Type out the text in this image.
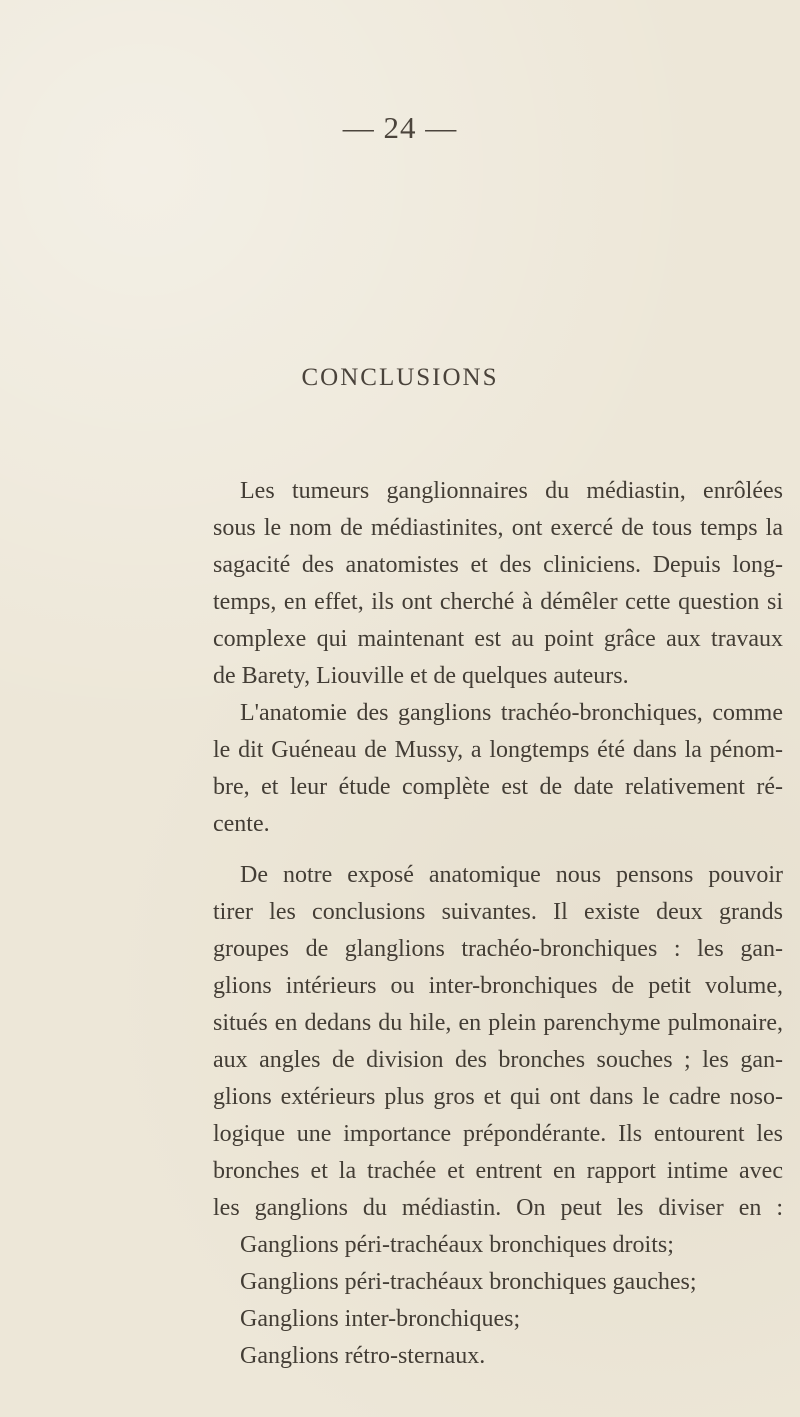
— 24 —
CONCLUSIONS
Les tumeurs ganglionnaires du médiastin, enrôlées
sous le nom de médiastinites, ont exercé de tous temps la
sagacité des anatomistes et des cliniciens. Depuis long-
temps, en effet, ils ont cherché à démêler cette question si
complexe qui maintenant est au point grâce aux travaux
de Barety, Liouville et de quelques auteurs.
L'anatomie des ganglions trachéo-bronchiques, comme
le dit Guéneau de Mussy, a longtemps été dans la pénom-
bre, et leur étude complète est de date relativement ré-
cente.
De notre exposé anatomique nous pensons pouvoir
tirer les conclusions suivantes. Il existe deux grands
groupes de glanglions trachéo-bronchiques : les gan-
glions intérieurs ou inter-bronchiques de petit volume,
situés en dedans du hile, en plein parenchyme pulmonaire,
aux angles de division des bronches souches ; les gan-
glions extérieurs plus gros et qui ont dans le cadre noso-
logique une importance prépondérante. Ils entourent les
bronches et la trachée et entrent en rapport intime avec
les ganglions du médiastin. On peut les diviser en :
Ganglions péri-trachéaux bronchiques droits;
Ganglions péri-trachéaux bronchiques gauches;
Ganglions inter-bronchiques;
Ganglions rétro-sternaux.
